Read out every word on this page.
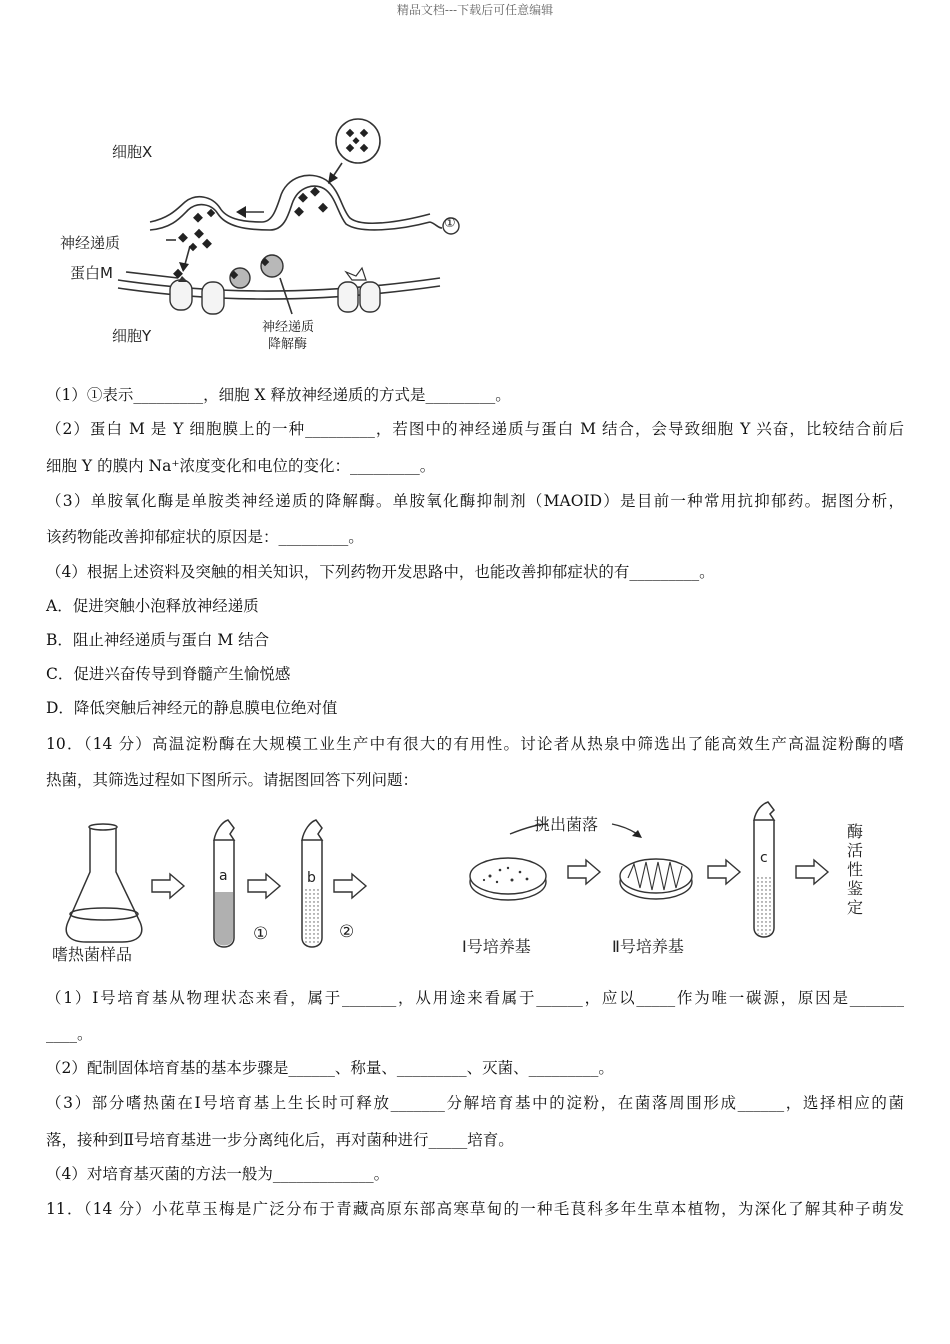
精品文档---下载后可任意编辑
细胞X
神经递质
蛋白M
细胞Y	神经递质
降解酶
①
（1）①表示_________，细胞 X 释放神经递质的方式是_________。
（2）蛋白 M 是 Y 细胞膜上的一种_________，若图中的神经递质与蛋白 M 结合，会导致细胞 Y 兴奋，比较结合前后
细胞 Y 的膜内 Na⁺浓度变化和电位的变化：_________。
（3）单胺氧化酶是单胺类神经递质的降解酶。单胺氧化酶抑制剂（MAOID）是目前一种常用抗抑郁药。据图分析，
该药物能改善抑郁症状的原因是：_________。
（4）根据上述资料及突触的相关知识，下列药物开发思路中，也能改善抑郁症状的有_________。
A．促进突触小泡释放神经递质
B．阻止神经递质与蛋白 M 结合
C．促进兴奋传导到脊髓产生愉悦感
D．降低突触后神经元的静息膜电位绝对值
10．（14 分）高温淀粉酶在大规模工业生产中有很大的有用性。讨论者从热泉中筛选出了能高效生产高温淀粉酶的嗜
热菌，其筛选过程如下图所示。请据图回答下列问题：
a	b
c
①	②
嗜热菌样品
挑出菌落
Ⅰ号培养基	Ⅱ号培养基
酶活性鉴定
（1）Ⅰ号培育基从物理状态来看，属于_______，从用途来看属于______，应以_____作为唯一碳源，原因是_______
____。
（2）配制固体培育基的基本步骤是______、称量、_________、灭菌、_________。
（3）部分嗜热菌在Ⅰ号培育基上生长时可释放_______分解培育基中的淀粉，在菌落周围形成______，选择相应的菌
落，接种到Ⅱ号培育基进一步分离纯化后，再对菌种进行_____培育。
（4）对培育基灭菌的方法一般为_____________。
11．（14 分）小花草玉梅是广泛分布于青藏高原东部高寒草甸的一种毛茛科多年生草本植物，为深化了解其种子萌发
